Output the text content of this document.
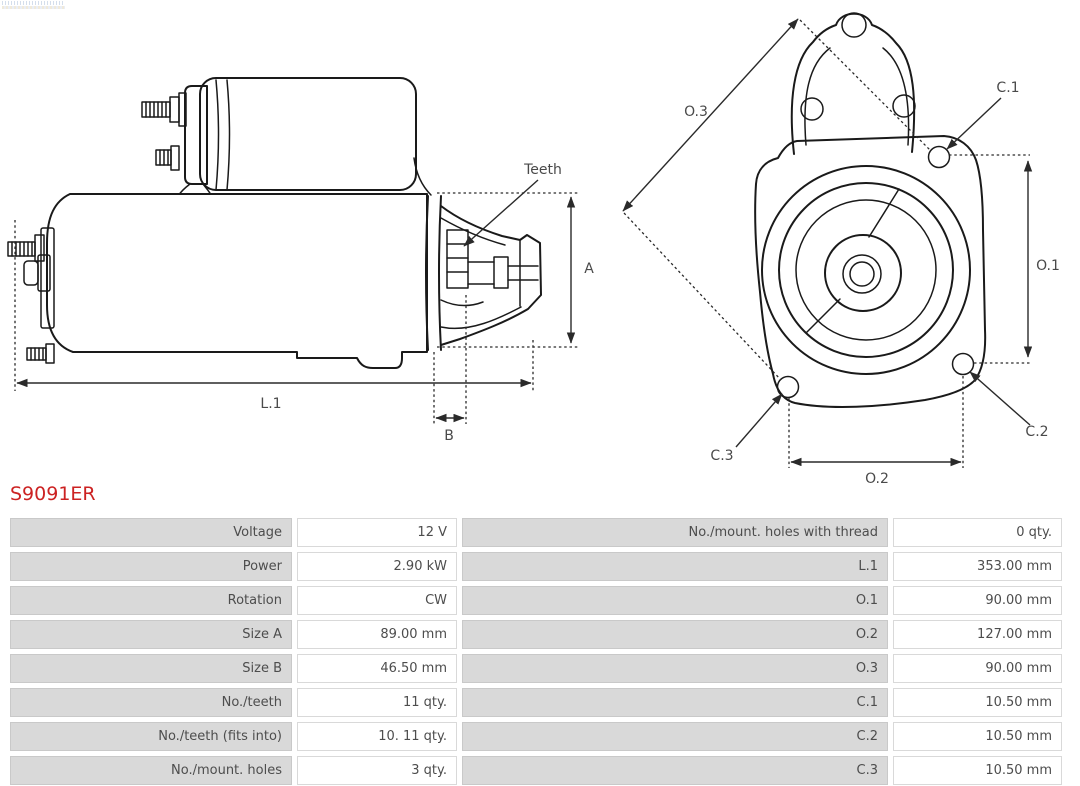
Teeth
A
L.1
B
O.3
C.1
O.1
C.2
C.3
O.2
S9091ER
Voltage	12 V	No./mount. holes with thread	0 qty.
Power	2.90 kW	L.1	353.00 mm
Rotation	CW	O.1	90.00 mm
Size A	89.00 mm	O.2	127.00 mm
Size B	46.50 mm	O.3	90.00 mm
No./teeth	11 qty.	C.1	10.50 mm
No./teeth (fits into)	10. 11 qty.	C.2	10.50 mm
No./mount. holes	3 qty.	C.3	10.50 mm
